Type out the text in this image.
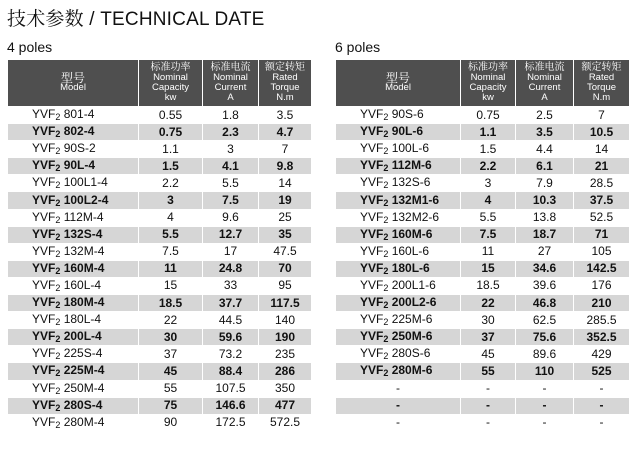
技术参数 / TECHNICAL DATE
4 poles	6 poles
型号
Model	标准功率
Nominal
Capacity
kw	标准电流
Nominal
Current
A	额定转矩
Rated
Torque
N.m

YVF2 801-4	0.55	1.8	3.5
YVF2 802-4	0.75	2.3	4.7
YVF2 90S-2	1.1	3	7
YVF2 90L-4	1.5	4.1	9.8
YVF2 100L1-4	2.2	5.5	14
YVF2 100L2-4	3	7.5	19
YVF2 112M-4	4	9.6	25
YVF2 132S-4	5.5	12.7	35
YVF2 132M-4	7.5	17	47.5
YVF2 160M-4	11	24.8	70
YVF2 160L-4	15	33	95
YVF2 180M-4	18.5	37.7	117.5
YVF2 180L-4	22	44.5	140
YVF2 200L-4	30	59.6	190
YVF2 225S-4	37	73.2	235
YVF2 225M-4	45	88.4	286
YVF2 250M-4	55	107.5	350
YVF2 280S-4	75	146.6	477
YVF2 280M-4	90	172.5	572.5
型号
Model	标准功率
Nominal
Capacity
kw	标准电流
Nominal
Current
A	额定转矩
Rated
Torque
N.m

YVF2 90S-6	0.75	2.5	7
YVF2 90L-6	1.1	3.5	10.5
YVF2 100L-6	1.5	4.4	14
YVF2 112M-6	2.2	6.1	21
YVF2 132S-6	3	7.9	28.5
YVF2 132M1-6	4	10.3	37.5
YVF2 132M2-6	5.5	13.8	52.5
YVF2 160M-6	7.5	18.7	71
YVF2 160L-6	11	27	105
YVF2 180L-6	15	34.6	142.5
YVF2 200L1-6	18.5	39.6	176
YVF2 200L2-6	22	46.8	210
YVF2 225M-6	30	62.5	285.5
YVF2 250M-6	37	75.6	352.5
YVF2 280S-6	45	89.6	429
YVF2 280M-6	55	110	525
-	-	-	-
-	-	-	-
-	-	-	-
